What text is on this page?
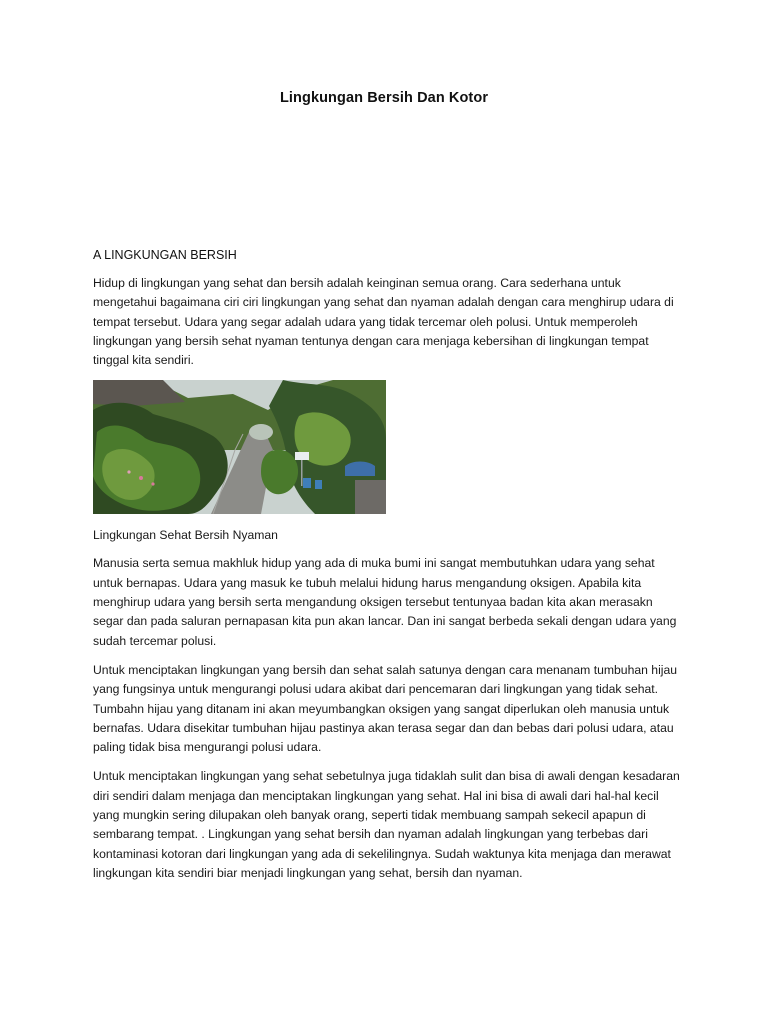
Lingkungan Bersih Dan Kotor
A LINGKUNGAN BERSIH

Hidup di lingkungan yang sehat dan bersih adalah keinginan semua orang. Cara sederhana untuk mengetahui bagaimana ciri ciri lingkungan yang sehat dan nyaman adalah dengan cara menghirup udara di tempat tersebut. Udara yang segar adalah udara yang tidak tercemar oleh polusi. Untuk memperoleh lingkungan yang bersih sehat nyaman tentunya dengan cara menjaga kebersihan di lingkungan tempat tinggal kita sendiri.

Lingkungan Sehat Bersih Nyaman

Manusia serta semua makhluk hidup yang ada di muka bumi ini sangat membutuhkan udara yang sehat untuk bernapas. Udara yang masuk ke tubuh melalui hidung harus mengandung oksigen. Apabila kita menghirup udara yang bersih serta mengandung oksigen tersebut tentunyaa badan kita akan merasakn segar dan pada saluran pernapasan kita pun akan lancar. Dan ini sangat berbeda sekali dengan udara yang sudah tercemar polusi.

Untuk menciptakan lingkungan yang bersih dan sehat salah satunya dengan cara menanam tumbuhan hijau yang fungsinya untuk mengurangi polusi udara akibat dari pencemaran dari lingkungan yang tidak sehat. Tumbahn hijau yang ditanam ini akan meyumbangkan oksigen yang sangat diperlukan oleh manusia untuk bernafas. Udara disekitar tumbuhan hijau pastinya akan terasa segar dan dan bebas dari polusi udara, atau paling tidak bisa mengurangi polusi udara.

Untuk menciptakan lingkungan yang sehat sebetulnya juga tidaklah sulit dan bisa di awali dengan kesadaran diri sendiri dalam menjaga dan menciptakan lingkungan yang sehat. Hal ini bisa di awali dari hal-hal kecil yang mungkin sering dilupakan oleh banyak orang, seperti tidak membuang sampah sekecil apapun di sembarang tempat. . Lingkungan yang sehat bersih dan nyaman adalah lingkungan yang terbebas dari kontaminasi kotoran dari lingkungan yang ada di sekelilingnya. Sudah waktunya kita menjaga dan merawat lingkungan kita sendiri biar menjadi lingkungan yang sehat, bersih dan nyaman.
